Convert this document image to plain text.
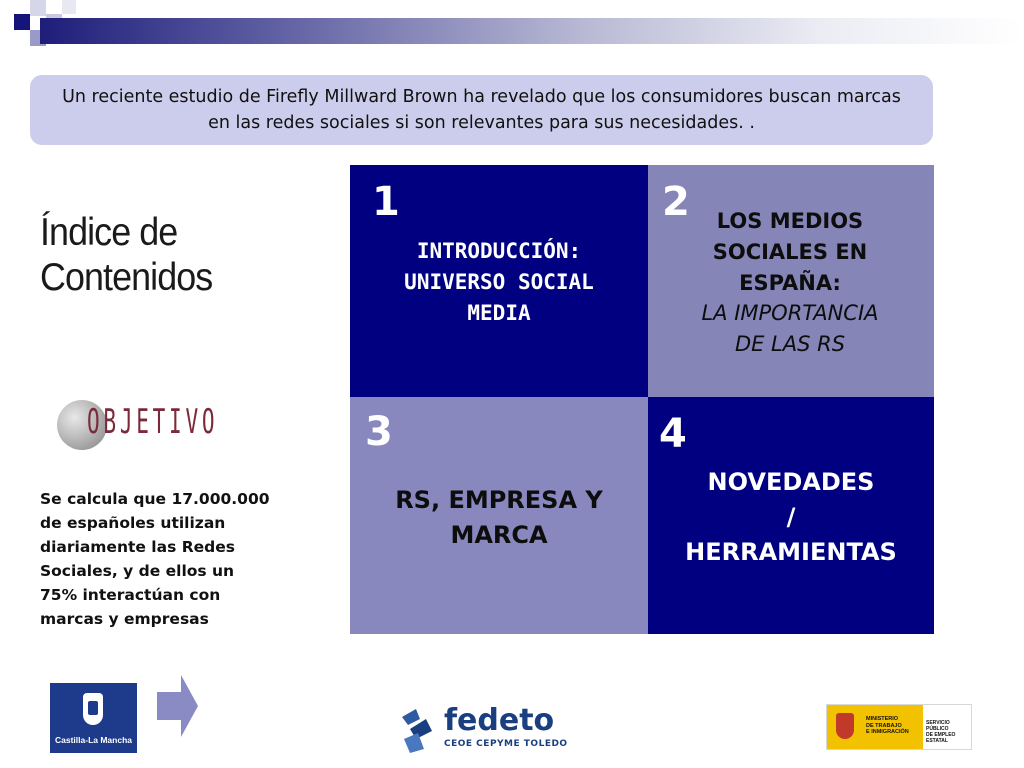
Un reciente estudio de Firefly Millward Brown ha revelado que los consumidores buscan marcas en las redes sociales si son relevantes para sus necesidades. .

Índice de
Contenidos
OBJETIVO
Se calcula que 17.000.000 de españoles utilizan diariamente las Redes Sociales, y de ellos un 75% interactúan con marcas y empresas
1
INTRODUCCIÓN:
UNIVERSO SOCIAL
MEDIA
2	LOS MEDIOS
SOCIALES EN
ESPAÑA:
LA IMPORTANCIA
DE LAS RS
3
RS, EMPRESA Y
MARCA
4
NOVEDADES
/
HERRAMIENTAS
Castilla-La Mancha
fedeto
CEOE CEPYME TOLEDO
MINISTERIO
DE TRABAJO
E INMIGRACIÓN
SERVICIO PÚBLICO
DE EMPLEO ESTATAL
